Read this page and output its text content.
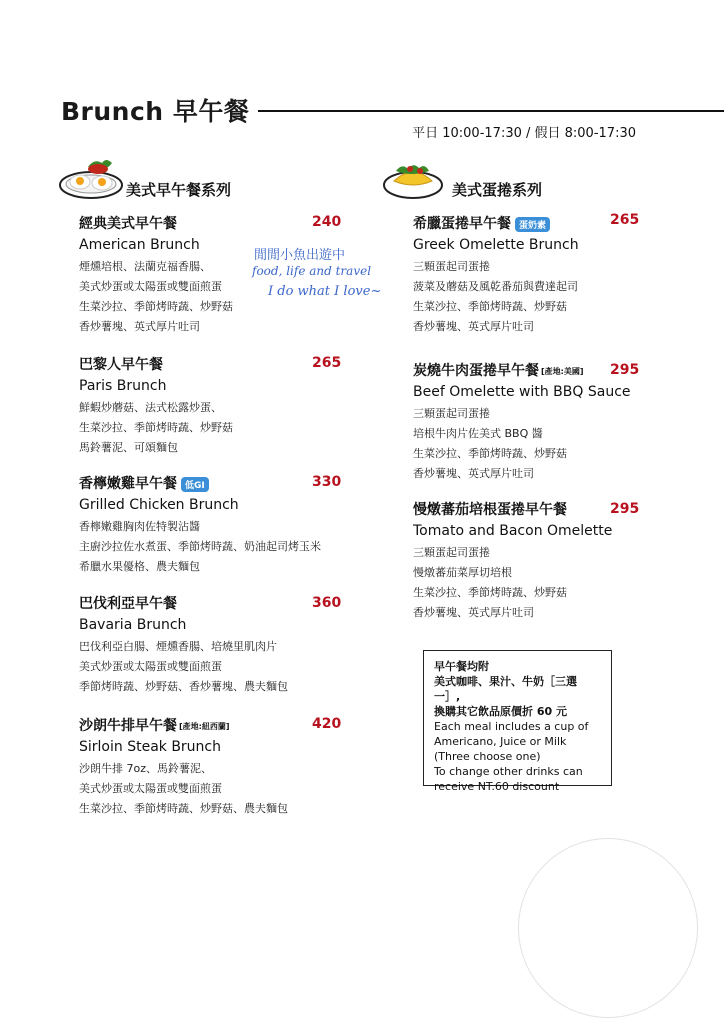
Brunch 早午餐
平日 10:00-17:30 / 假日 8:00-17:30
美式早午餐系列	美式蛋捲系列
經典美式早午餐
American Brunch
煙燻培根、法蘭克福香腸、
美式炒蛋或太陽蛋或雙面煎蛋
生菜沙拉、季節烤時蔬、炒野菇
香炒薯塊、英式厚片吐司
240
巴黎人早午餐
Paris Brunch
鮮蝦炒蘑菇、法式松露炒蛋、
生菜沙拉、季節烤時蔬、炒野菇
馬鈴薯泥、可頌麵包
265
香檸嫩雞早午餐 低GI
Grilled Chicken Brunch
香檸嫩雞胸肉佐特製沾醬
主廚沙拉佐水煮蛋、季節烤時蔬、奶油起司烤玉米
希臘水果優格、農夫麵包
330
巴伐利亞早午餐
Bavaria Brunch
巴伐利亞白腸、煙燻香腸、培燒里肌肉片
美式炒蛋或太陽蛋或雙面煎蛋
季節烤時蔬、炒野菇、香炒薯塊、農夫麵包
360
沙朗牛排早午餐 [產地:紐西蘭]
Sirloin Steak Brunch
沙朗牛排 7oz、馬鈴薯泥、
美式炒蛋或太陽蛋或雙面煎蛋
生菜沙拉、季節烤時蔬、炒野菇、農夫麵包
420
閒閒小魚出遊中
food, life and travel
I do what I love~
希臘蛋捲早午餐 蛋奶素
Greek Omelette Brunch
三顆蛋起司蛋捲
菠菜及蘑菇及風乾番茄與費達起司
生菜沙拉、季節烤時蔬、炒野菇
香炒薯塊、英式厚片吐司
265
炭燒牛肉蛋捲早午餐 [產地:美國]
Beef Omelette with BBQ Sauce
三顆蛋起司蛋捲
培根牛肉片佐美式 BBQ 醬
生菜沙拉、季節烤時蔬、炒野菇
香炒薯塊、英式厚片吐司
295
慢燉蕃茄培根蛋捲早午餐
Tomato and Bacon Omelette
三顆蛋起司蛋捲
慢燉蕃茄菜厚切培根
生菜沙拉、季節烤時蔬、炒野菇
香炒薯塊、英式厚片吐司
295
早午餐均附
美式咖啡、果汁、牛奶［三選一］,
換購其它飲品原價折 60 元
Each meal includes a cup of
Americano, Juice or Milk
(Three choose one)
To change other drinks can
receive NT.60 discount
